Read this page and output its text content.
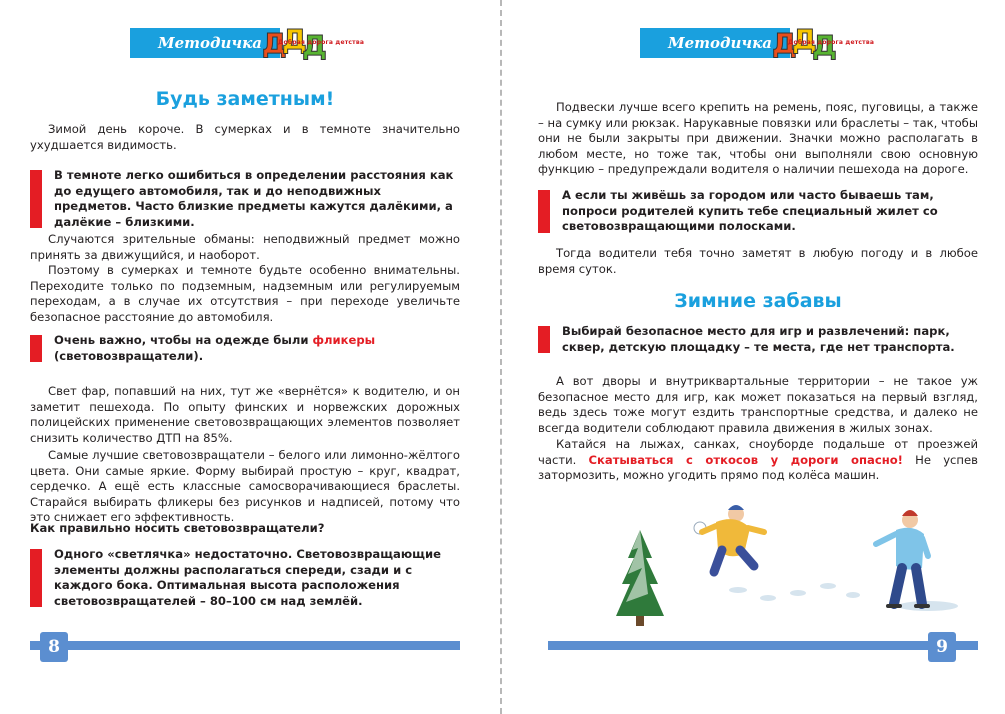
Методичка Д
Д
Д
Добрая дорога детства
Будь заметным!

Зимой день короче. В сумерках и в темноте значительно ухудшается видимость.

В темноте легко ошибиться в определении расстояния как до едущего автомобиля, так и до неподвижных предметов. Часто близкие предметы кажутся далёкими, а далёкие – близкими.

Случаются зрительные обманы: неподвижный предмет можно принять за движущийся, и наоборот.

Поэтому в сумерках и темноте будьте особенно внимательны. Переходите только по подземным, надземным или регулируемым переходам, а в случае их отсутствия – при переходе увеличьте безопасное расстояние до автомобиля.

Очень важно, чтобы на одежде были фликеры (световозвращатели).

Свет фар, попавший на них, тут же «вернётся» к водителю, и он заметит пешехода. По опыту финских и норвежских дорожных полицейских применение световозвращающих элементов позволяет снизить количество ДТП на 85%.

Самые лучшие световозвращатели – белого или лимонно-жёлтого цвета. Они самые яркие. Форму выбирай простую – круг, квадрат, сердечко. А ещё есть классные самосворачивающиеся браслеты. Старайся выбирать фликеры без рисунков и надписей, потому что это снижает его эффективность.

Как правильно носить световозвращатели?

Одного «светлячка» недостаточно. Световозвращающие элементы должны располагаться спереди, сзади и с каждого бока. Оптимальная высота расположения световозвращателей – 80–100 см над землёй.
8
Методичка Д
Д
Д
Добрая дорога детства

Подвески лучше всего крепить на ремень, пояс, пуговицы, а также – на сумку или рюкзак. Нарукавные повязки или браслеты – так, чтобы они не были закрыты при движении. Значки можно располагать в любом месте, но тоже так, чтобы они выполняли свою основную функцию – предупреждали водителя о наличии пешехода на дороге.

А если ты живёшь за городом или часто бываешь там, попроси родителей купить тебе специальный жилет со световозвращающими полосками.

Тогда водители тебя точно заметят в любую погоду и в любое время суток.

Зимние забавы
Выбирай безопасное место для игр и развлечений: парк, сквер, детскую площадку – те места, где нет транспорта.

А вот дворы и внутриквартальные территории – не такое уж безопасное место для игр, как может показаться на первый взгляд, ведь здесь тоже могут ездить транспортные средства, и далеко не всегда водители соблюдают правила движения в жилых зонах.

Катайся на лыжах, санках, сноуборде подальше от проезжей части. Скатываться с откосов у дороги опасно! Не успев затормозить, можно угодить прямо под колёса машин.

9
